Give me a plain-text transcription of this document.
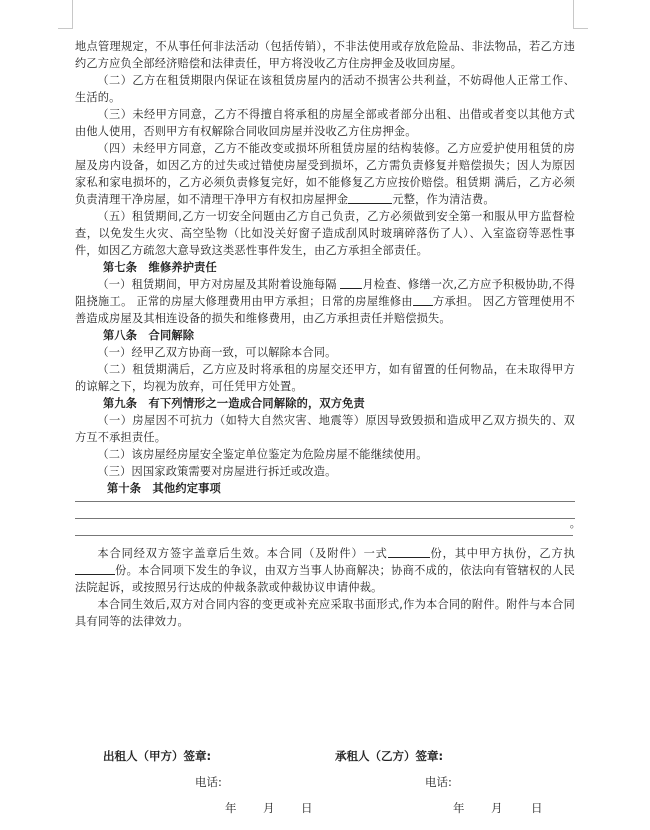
地点管理规定，不从事任何非法活动（包括传销），不非法使用或存放危险品、非法物品，若乙方违约乙方应负全部经济赔偿和法律责任，甲方将没收乙方住房押金及收回房屋。

（二）乙方在租赁期限内保证在该租赁房屋内的活动不损害公共利益，不妨碍他人正常工作、生活的。

（三）未经甲方同意，乙方不得擅自将承租的房屋全部或者部分出租、出借或者变以其他方式由他人使用，否则甲方有权解除合同收回房屋并没收乙方住房押金。

（四）未经甲方同意，乙方不能改变或损坏所租赁房屋的结构装修。乙方应爱护使用租赁的房屋及房内设备，如因乙方的过失或过错使房屋受到损坏，乙方需负责修复并赔偿损失；因人为原因家私和家电损坏的，乙方必须负责修复完好，如不能修复乙方应按价赔偿。租赁期 满后，乙方必须负责清理干净房屋，如不清理干净甲方有权扣房屋押金	元整，作为清洁费。

（五）租赁期间,乙方一切安全问题由乙方自己负责，乙方必须做到安全第一和服从甲方监督检查，以免发生火灾、高空坠物（比如没关好窗子造成刮风时玻璃碎落伤了人）、入室盗窃等恶性事件，如因乙方疏忽大意导致这类恶性事件发生，由乙方承担全部责任。

第七条　维修养护责任

（一）租赁期间，甲方对房屋及其附着设施每隔 月检查、修缮一次,乙方应予积极协助,不得阻挠施工。 正常的房屋大修理费用由甲方承担；日常的房屋维修由 方承担。 因乙方管理使用不善造成房屋及其相连设备的损失和维修费用，由乙方承担责任并赔偿损失。

第八条　合同解除

（一）经甲乙双方协商一致，可以解除本合同。

（二）租赁期满后，乙方应及时将承租的房屋交还甲方，如有留置的任何物品，在未取得甲方的谅解之下，均视为放弃，可任凭甲方处置。

第九条　有下列情形之一造成合同解除的，双方免责

（一）房屋因不可抗力（如特大自然灾害、地震等）原因导致毁损和造成甲乙双方损失的、双方互不承担责任。

（二）该房屋经房屋安全鉴定单位鉴定为危险房屋不能继续使用。

（三）因国家政策需要对房屋进行拆迁或改造。

第十条　其他约定事项

。

本合同经双方签字盖章后生效。本合同（及附件）一式	份，其中甲方执份，乙方执份。本合同项下发生的争议，由双方当事人协商解决；协商不成的，依法向有管辖权的人民法院起诉，或按照另行达成的仲裁条款或仲裁协议申请仲裁。

本合同生效后,双方对合同内容的变更或补充应采取书面形式,作为本合同的附件。附件与本合同具有同等的法律效力。

出租人（甲方）签章:	承租人（乙方）签章:
电话:	电话:
年 月 日	年 月 日
